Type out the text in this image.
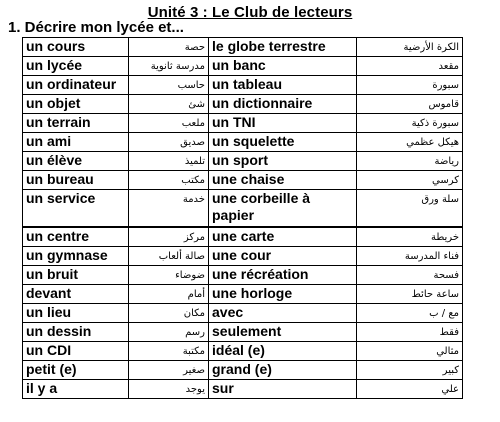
Unité 3 : Le Club de lecteurs
1. Décrire mon lycée et...
un cours	حصة	le globe terrestre	الكرة الأرضية
un lycée	مدرسة ثانوية	un banc	مقعد
un ordinateur	حاسب	un tableau	سبورة
un objet	شئ	un dictionnaire	قاموس
un terrain	ملعب	un TNI	سبورة ذكية
un ami	صديق	un squelette	هيكل عظمي
un élève	تلميذ	un sport	رياضة
un bureau	مكتب	une chaise	كرسي
un service	خدمة	une corbeille à papier	سلة ورق
un centre	مركز	une carte	خريطة
un gymnase	صالة ألعاب	une cour	فناء المدرسة
un bruit	ضوضاء	une récréation	فسحة
devant	أمام	une horloge	ساعة حائط
un lieu	مكان	avec	مع / ب
un dessin	رسم	seulement	فقط
un CDI	مكتبة	idéal (e)	مثالي
petit (e)	صغير	grand (e)	كبير
il y a	يوجد	sur	علي
